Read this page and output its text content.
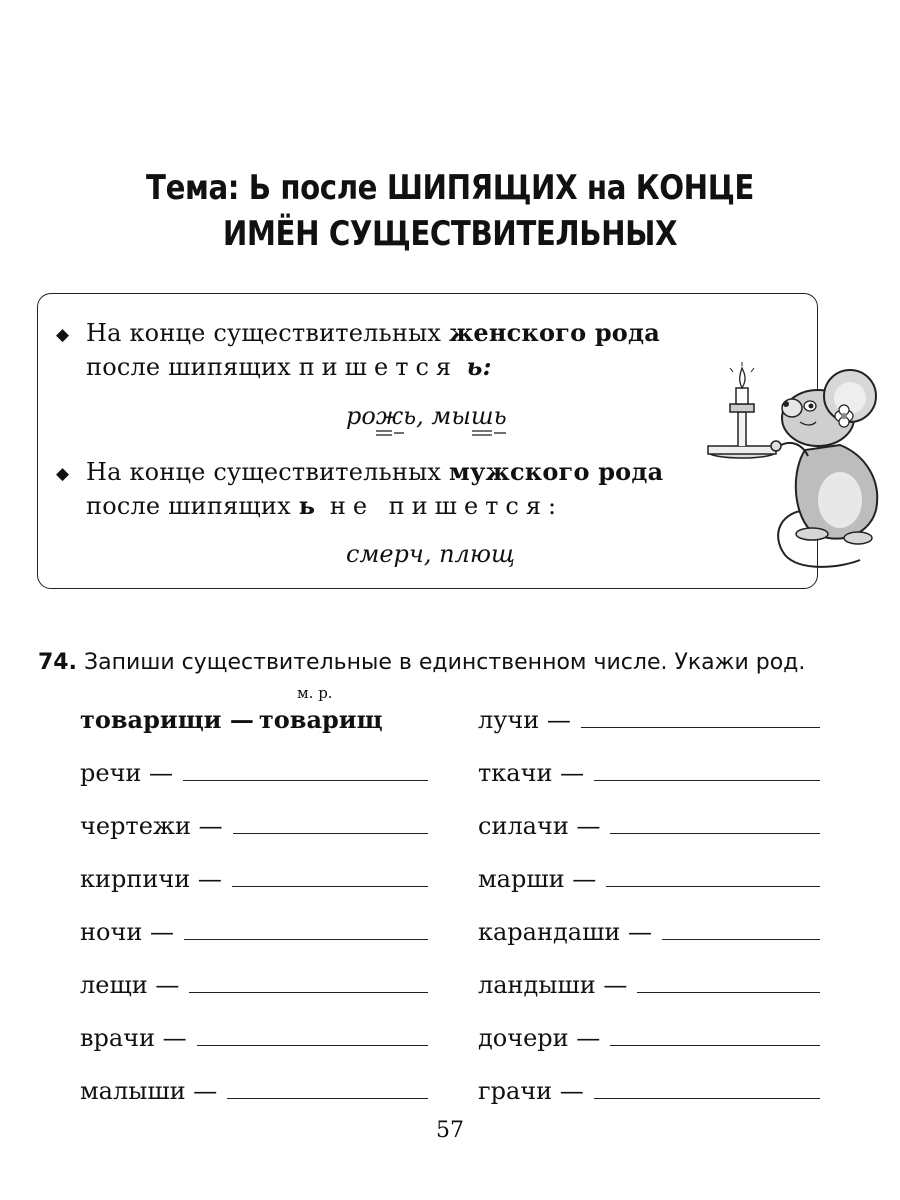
Тема: Ь после ШИПЯЩИХ на КОНЦЕ
ИМЁН СУЩЕСТВИТЕЛЬНЫХ
◆ На конце существительных женского рода
после шипящих пишется ь:
рожь, мышь
◆ На конце существительных мужского рода
после шипящих ь не пишется:
смерч, плющ
74. Запиши существительные в единственном числе. Укажи род.
м. р.
товарищи —
товарищ
речи —
чертежи —
кирпичи —
ночи —
лещи —
врачи —
малыши —
лучи —
ткачи —
силачи —
марши —
карандаши —
ландыши —
дочери —
грачи —
57
